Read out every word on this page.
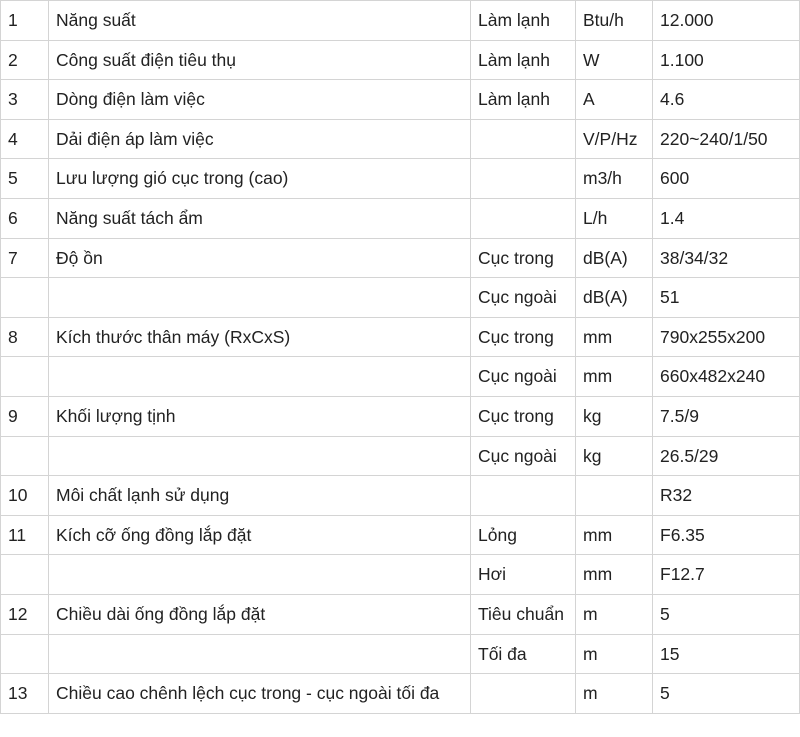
1	Năng suất	Làm lạnh	Btu/h	12.000
2	Công suất điện tiêu thụ	Làm lạnh	W	1.100
3	Dòng điện làm việc	Làm lạnh	A	4.6
4	Dải điện áp làm việc		V/P/Hz	220~240/1/50
5	Lưu lượng gió cục trong (cao)		m3/h	600
6	Năng suất tách ẩm		L/h	1.4
7	Độ ồn	Cục trong	dB(A)	38/34/32
		Cục ngoài	dB(A)	51
8	Kích thước thân máy (RxCxS)	Cục trong	mm	790x255x200
		Cục ngoài	mm	660x482x240
9	Khối lượng tịnh	Cục trong	kg	7.5/9
		Cục ngoài	kg	26.5/29
10	Môi chất lạnh sử dụng			R32
11	Kích cỡ ống đồng lắp đặt	Lỏng	mm	F6.35
		Hơi	mm	F12.7
12	Chiều dài ống đồng lắp đặt	Tiêu chuẩn	m	5
		Tối đa	m	15
13	Chiều cao chênh lệch cục trong - cục ngoài tối đa		m	5
